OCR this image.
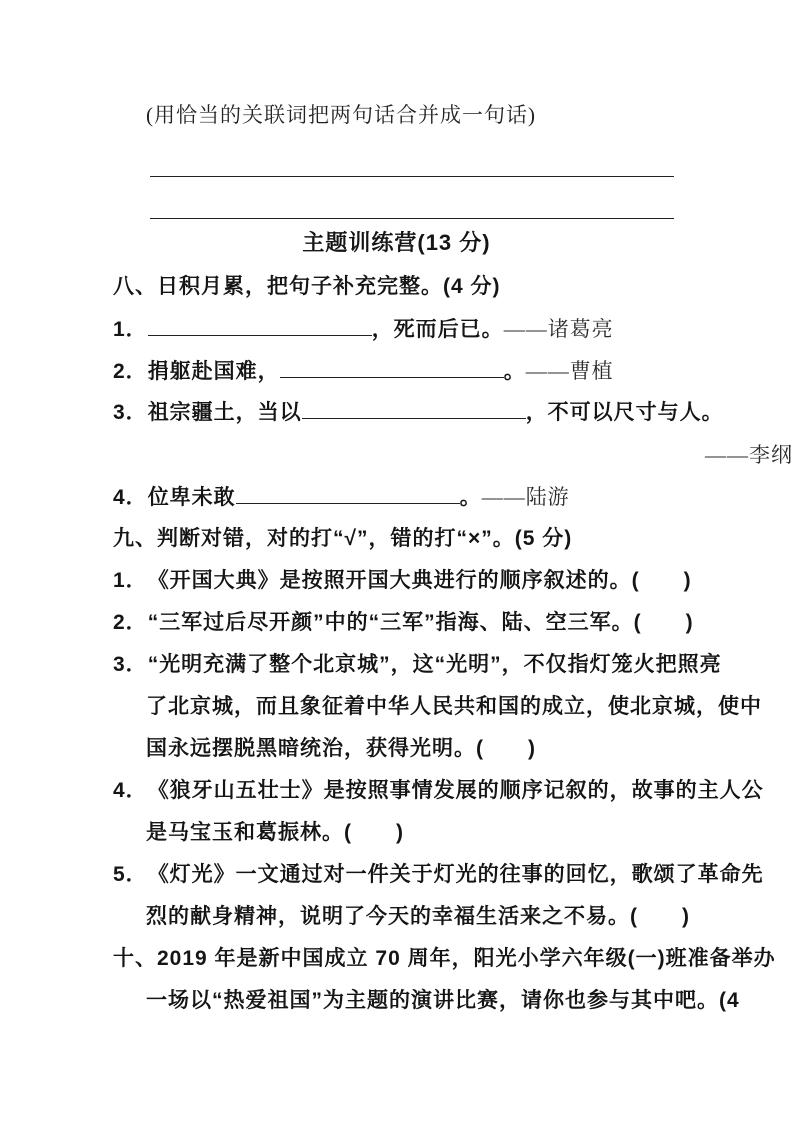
(用恰当的关联词把两句话合并成一句话)
主题训练营(13 分)
八、日积月累，把句子补充完整。(4 分)
1．	，死而后已。——诸葛亮
2．捐躯赴国难，	。——曹植
3．祖宗疆土，当以	，不可以尺寸与人。
——李纲
4．位卑未敢	。——陆游
九、判断对错，对的打“√”，错的打“×”。(5 分)
1．《开国大典》是按照开国大典进行的顺序叙述的。(　　)
2．“三军过后尽开颜”中的“三军”指海、陆、空三军。(　　)
3．“光明充满了整个北京城”，这“光明”，不仅指灯笼火把照亮
了北京城，而且象征着中华人民共和国的成立，使北京城，使中
国永远摆脱黑暗统治，获得光明。(　　)
4．《狼牙山五壮士》是按照事情发展的顺序记叙的，故事的主人公
是马宝玉和葛振林。(　　)
5．《灯光》一文通过对一件关于灯光的往事的回忆，歌颂了革命先
烈的献身精神，说明了今天的幸福生活来之不易。(　　)
十、2019 年是新中国成立 70 周年，阳光小学六年级(一)班准备举办
一场以“热爱祖国”为主题的演讲比赛，请你也参与其中吧。(4
